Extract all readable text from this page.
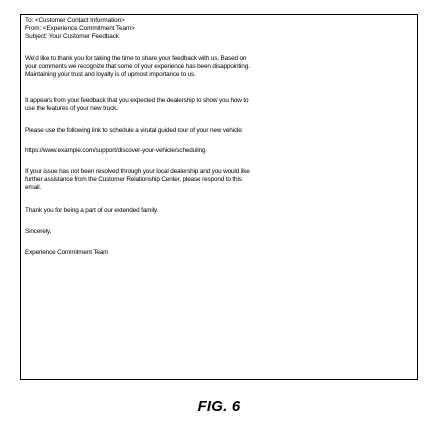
To: <Customer Contact Information>
From: <Experience Commitment Team>
Subject: Your Customer Feedback

We'd like to thank you for taking the time to share your feedback with us. Based on
your comments we recognize that some of your experience has been disappointing.
Maintaining your trust and loyalty is of upmost importance to us.

It appears from your feedback that you expected the dealership to show you how to
use the features of your new truck.

Please use the following link to schedule a virutal guided tour of your new vehicle:

https://www.example.com/support/discover-your-vehicle/scheduling

If your issue has not been resolved through your local dealership and you would like
further assistance from the Customer Relationship Center, please respond to this
email.

Thank you for being a part of our extended family.

Sincerely,

Experience Commitment Team

FIG. 6
